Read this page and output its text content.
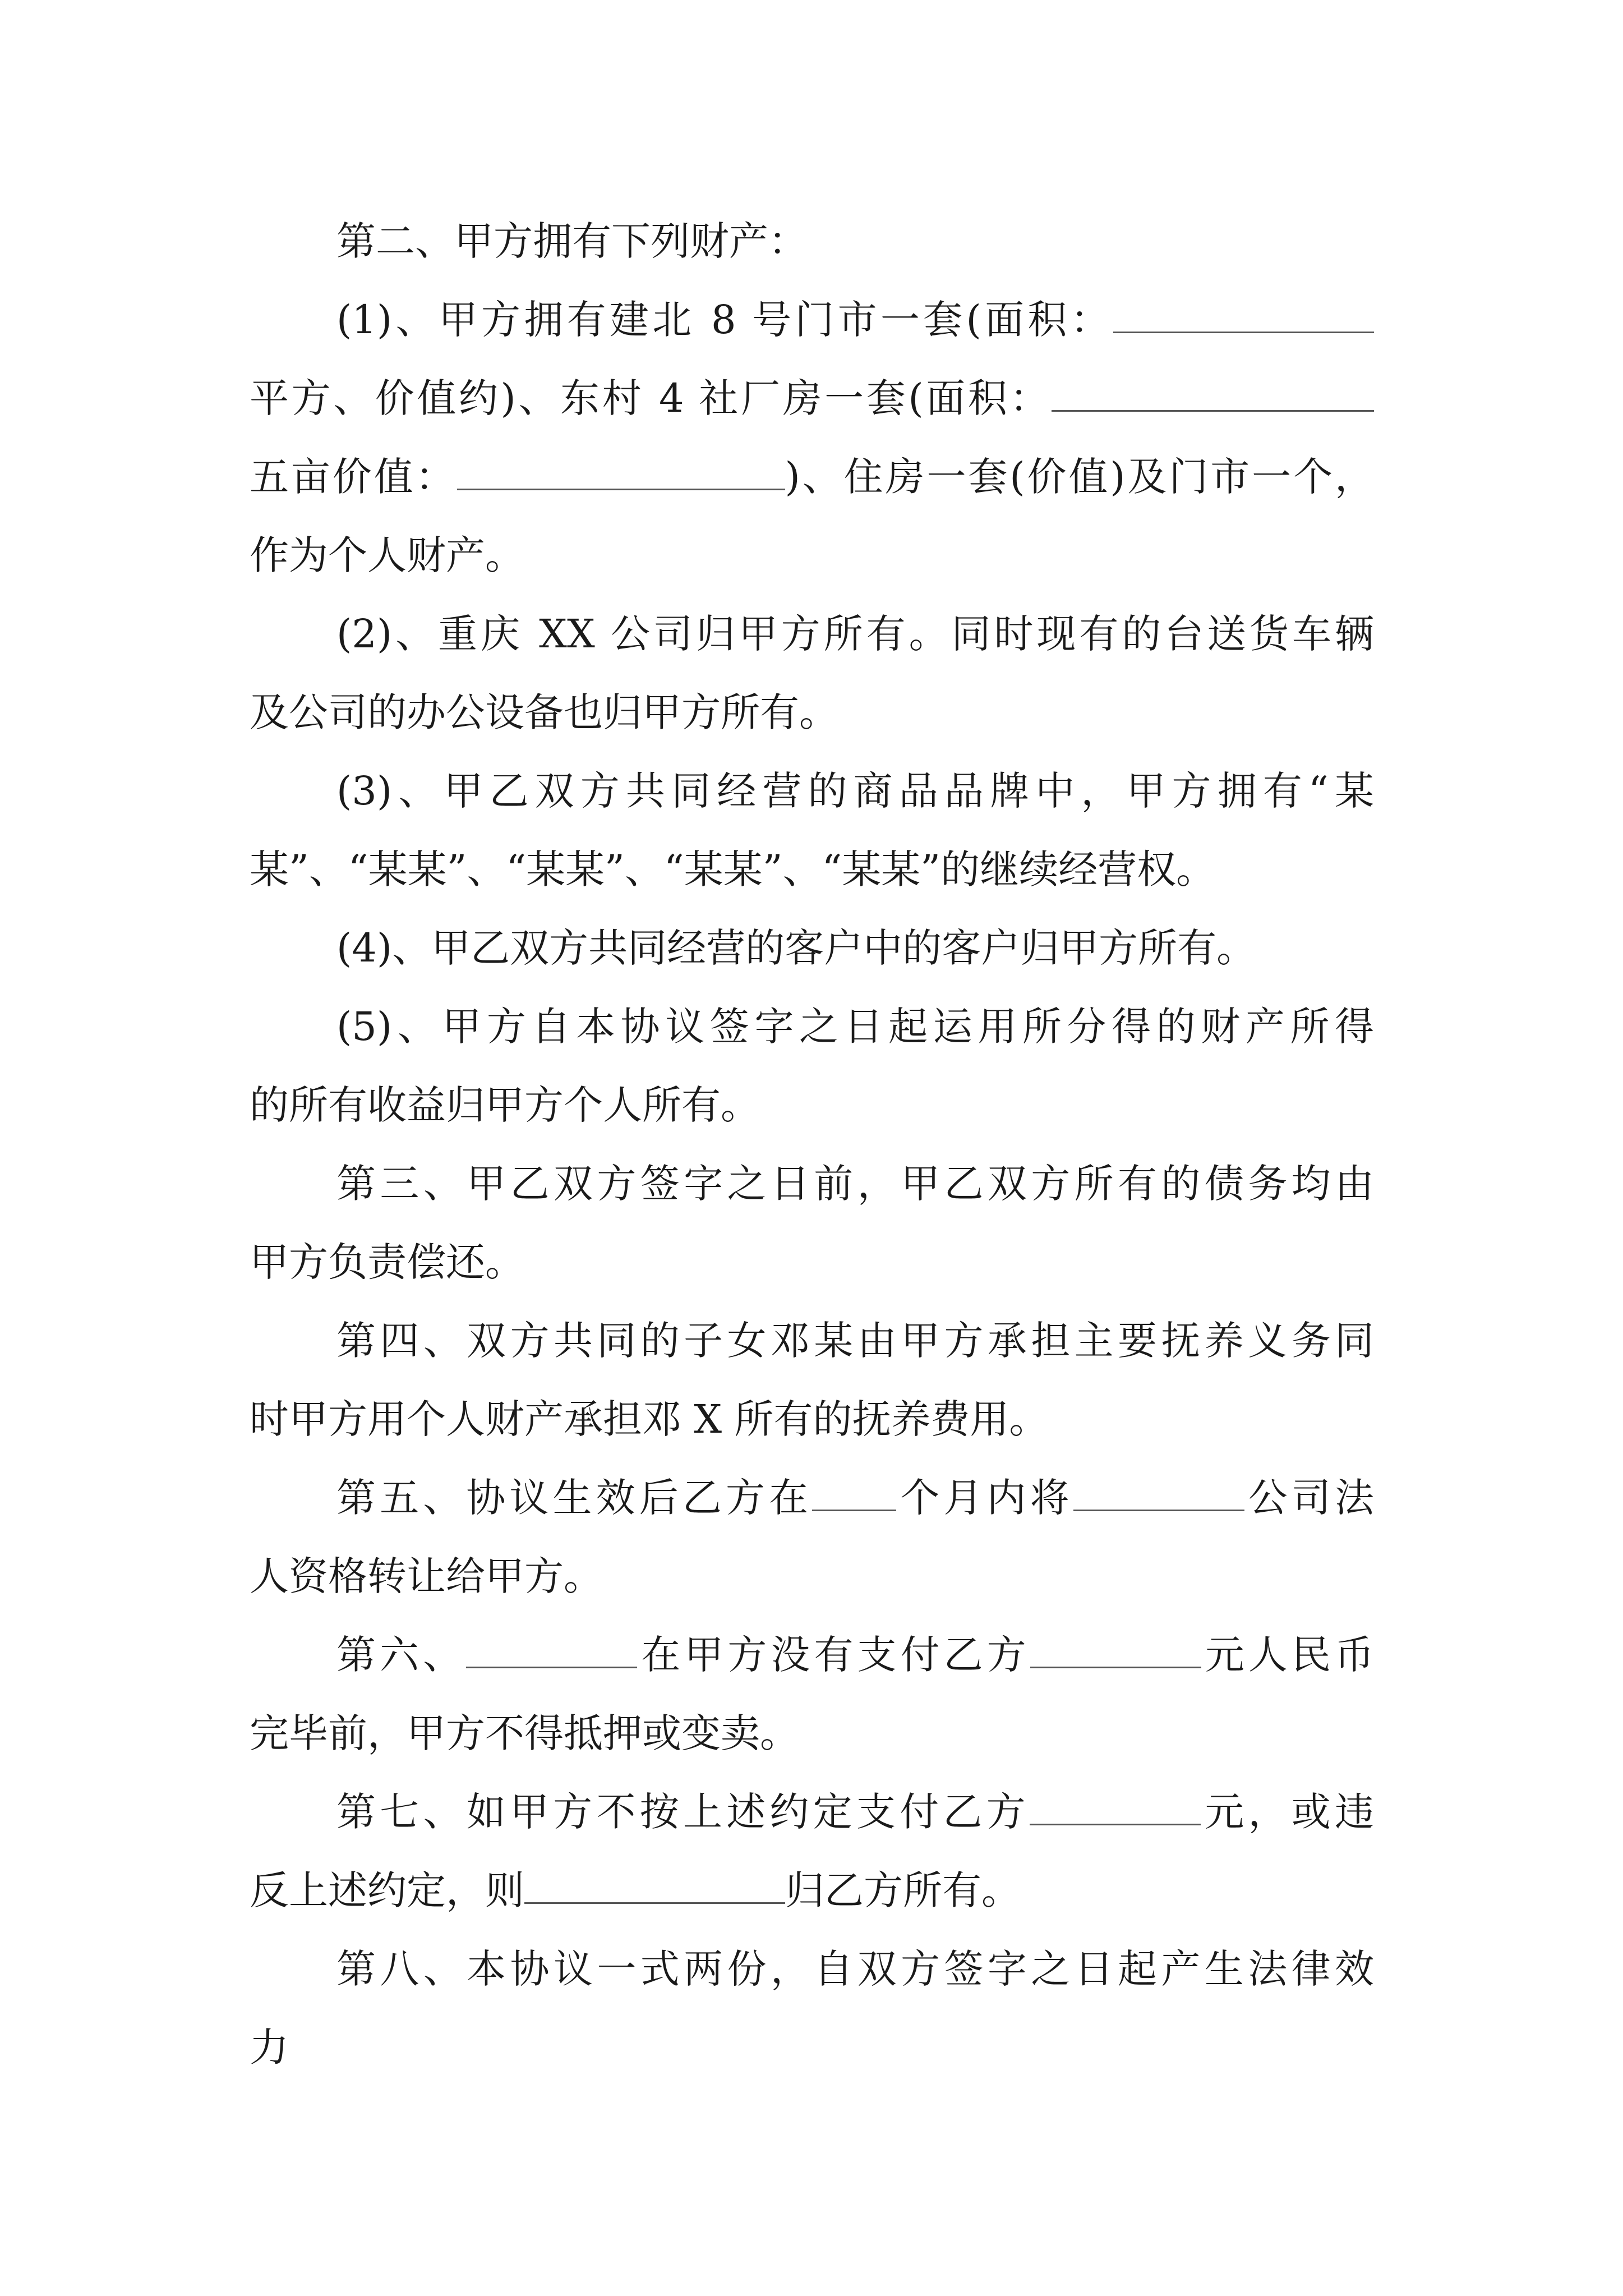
第二、甲方拥有下列财产：
(1)、甲方拥有建北 8 号门市一套(面积：
平方、价值约)、东村 4 社厂房一套(面积：
五亩价值：	)、住房一套(价值)及门市一个，
作为个人财产。
(2)、重庆 XX 公司归甲方所有。同时现有的台送货车辆
及公司的办公设备也归甲方所有。
(3)、甲乙双方共同经营的商品品牌中，甲方拥有“某
某”、“某某”、“某某”、“某某”、“某某”的继续经营权。
(4)、甲乙双方共同经营的客户中的客户归甲方所有。
(5)、甲方自本协议签字之日起运用所分得的财产所得
的所有收益归甲方个人所有。
第三、甲乙双方签字之日前，甲乙双方所有的债务均由
甲方负责偿还。
第四、双方共同的子女邓某由甲方承担主要抚养义务同
时甲方用个人财产承担邓 X 所有的抚养费用。
第五、协议生效后乙方在 个月内将	公司法
人资格转让给甲方。
第六、	在甲方没有支付乙方	元人民币
完毕前，甲方不得抵押或变卖。
第七、如甲方不按上述约定支付乙方	元，或违
反上述约定，则	归乙方所有。
第八、本协议一式两份，自双方签字之日起产生法律效
力
